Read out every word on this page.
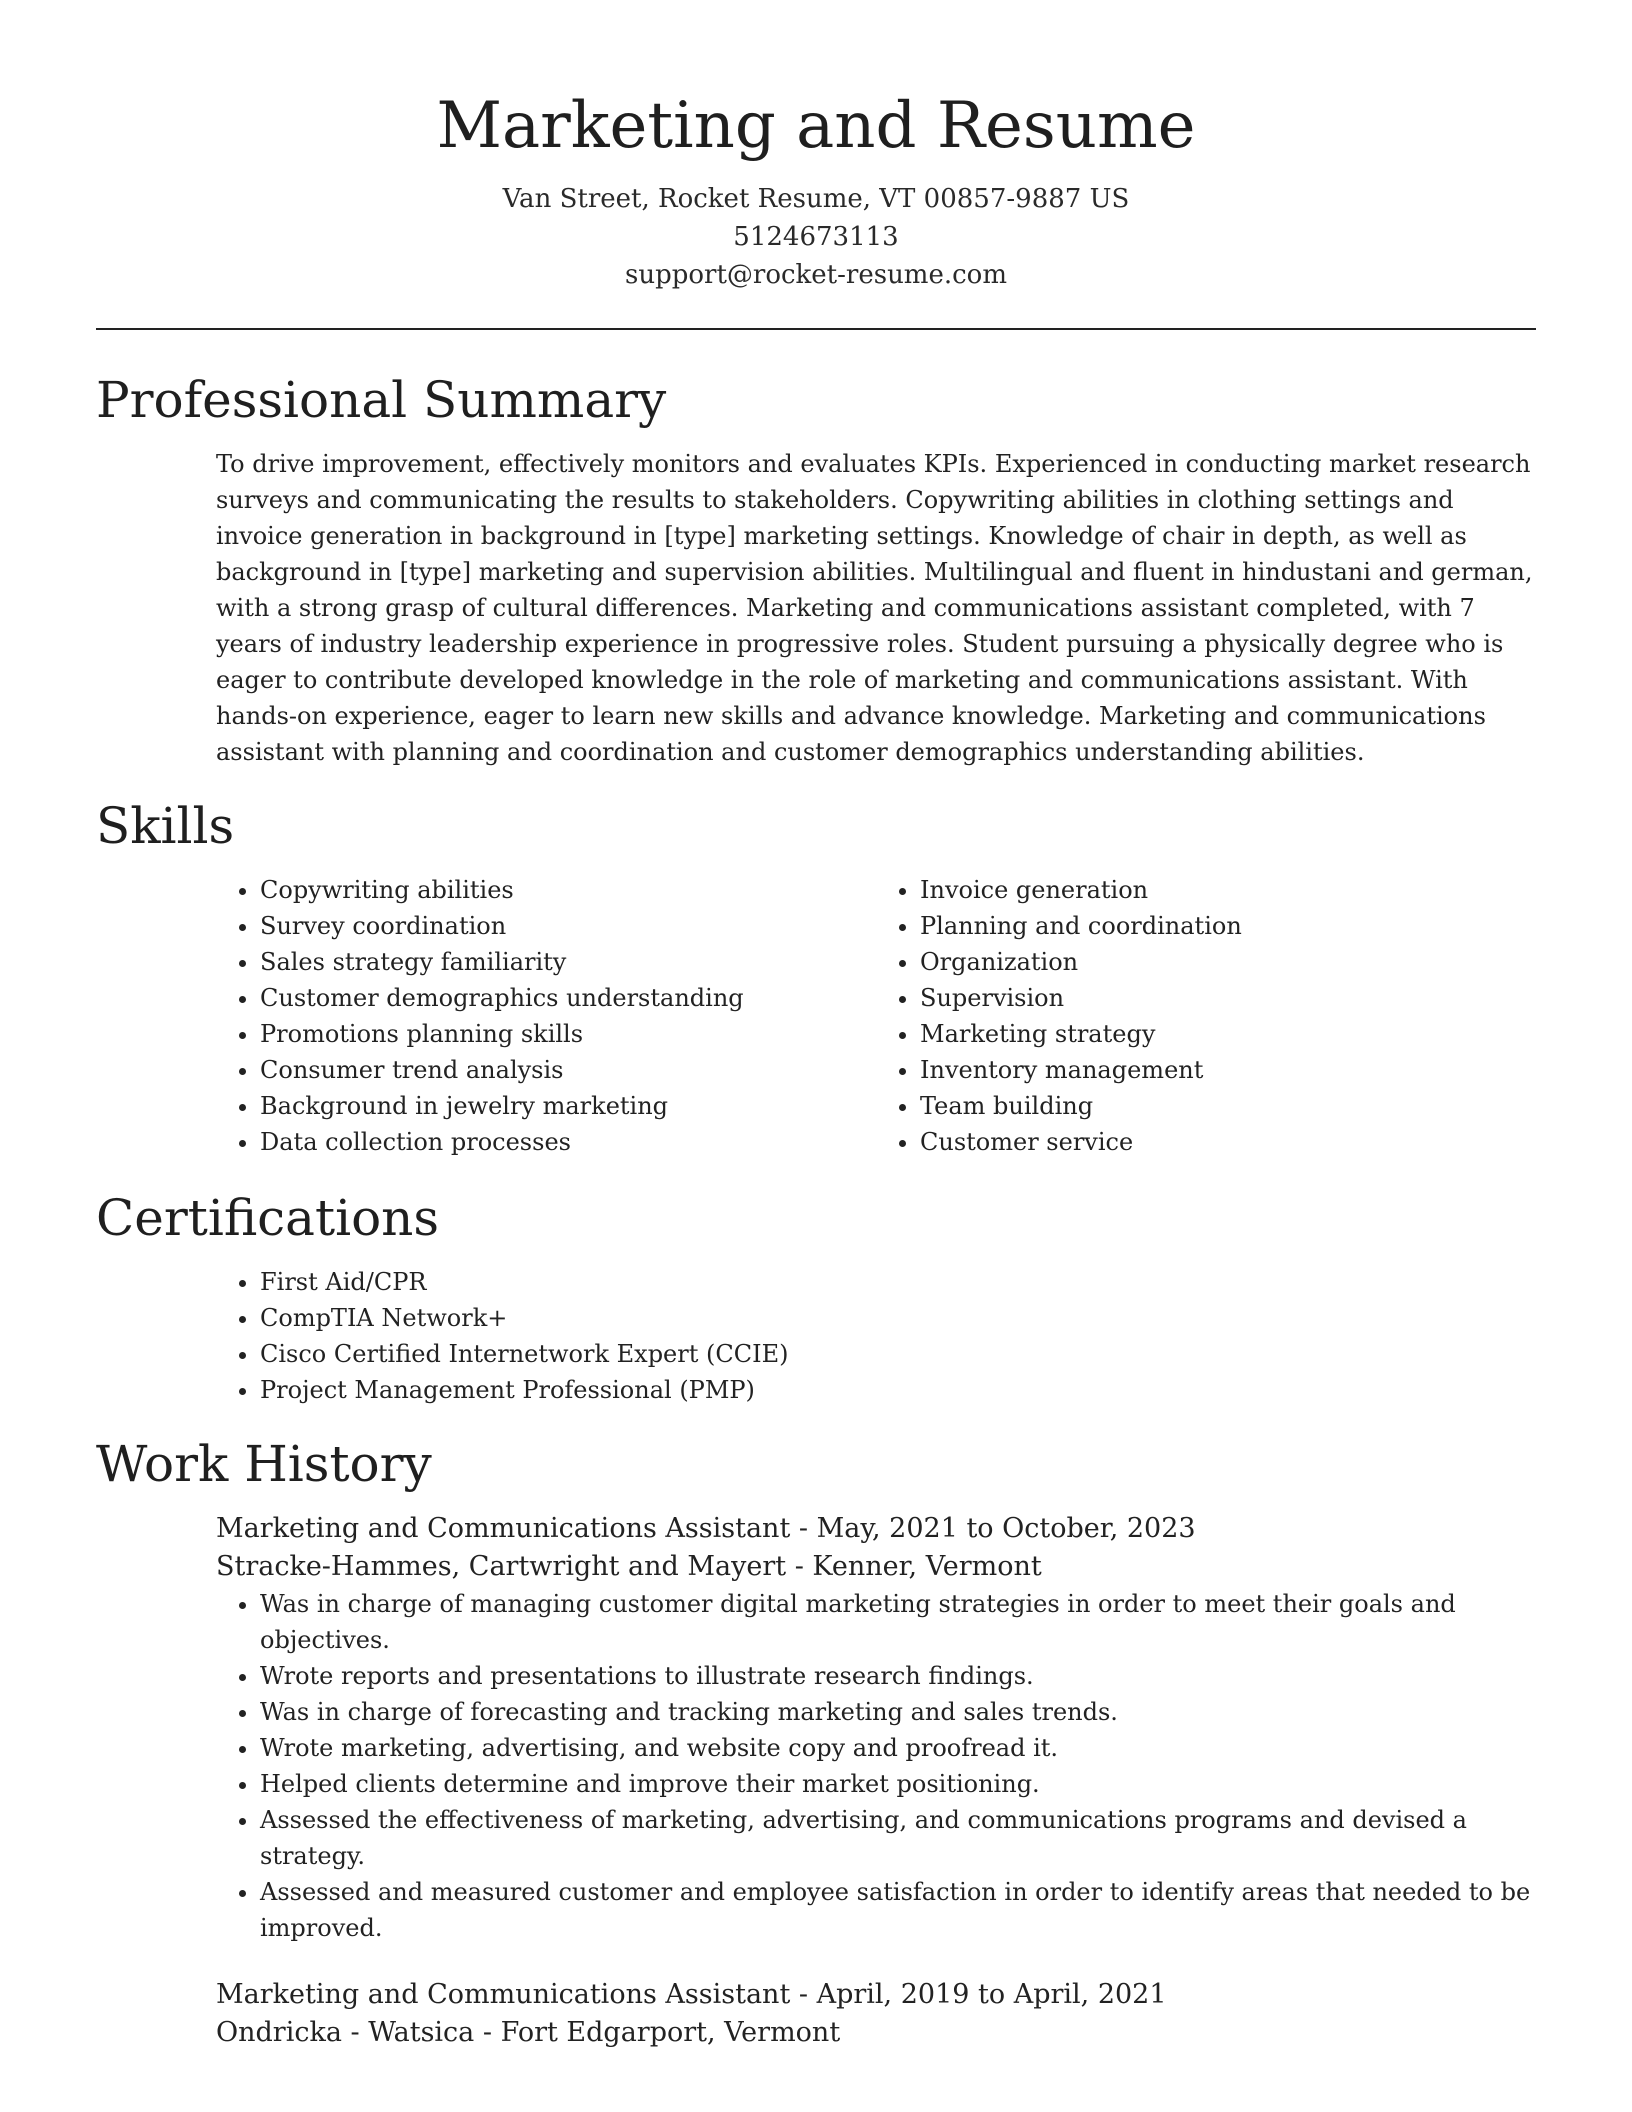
Marketing and Resume

Van Street, Rocket Resume, VT 00857-9887 US

5124673113

support@rocket-resume.com

Professional Summary

To drive improvement, effectively monitors and evaluates KPIs. Experienced in conducting market research surveys and communicating the results to stakeholders. Copywriting abilities in clothing settings and invoice generation in background in [type] marketing settings. Knowledge of chair in depth, as well as background in [type] marketing and supervision abilities. Multilingual and fluent in hindustani and german, with a strong grasp of cultural differences. Marketing and communications assistant completed, with 7 years of industry leadership experience in progressive roles. Student pursuing a physically degree who is eager to contribute developed knowledge in the role of marketing and communications assistant. With hands-on experience, eager to learn new skills and advance knowledge. Marketing and communications assistant with planning and coordination and customer demographics understanding abilities.

Skills
• Copywriting abilities
• Survey coordination
• Sales strategy familiarity
• Customer demographics understanding
• Promotions planning skills
• Consumer trend analysis
• Background in jewelry marketing
• Data collection processes
• Invoice generation
• Planning and coordination
• Organization
• Supervision
• Marketing strategy
• Inventory management
• Team building
• Customer service
Certifications
• First Aid/CPR
• CompTIA Network+
• Cisco Certified Internetwork Expert (CCIE)
• Project Management Professional (PMP)
Work History

Marketing and Communications Assistant - May, 2021 to October, 2023

Stracke-Hammes, Cartwright and Mayert - Kenner, Vermont

• Was in charge of managing customer digital marketing strategies in order to meet their goals and objectives.
• Wrote reports and presentations to illustrate research findings.
• Was in charge of forecasting and tracking marketing and sales trends.
• Wrote marketing, advertising, and website copy and proofread it.
• Helped clients determine and improve their market positioning.
• Assessed the effectiveness of marketing, advertising, and communications programs and devised a strategy.
• Assessed and measured customer and employee satisfaction in order to identify areas that needed to be improved.

Marketing and Communications Assistant - April, 2019 to April, 2021

Ondricka - Watsica - Fort Edgarport, Vermont
